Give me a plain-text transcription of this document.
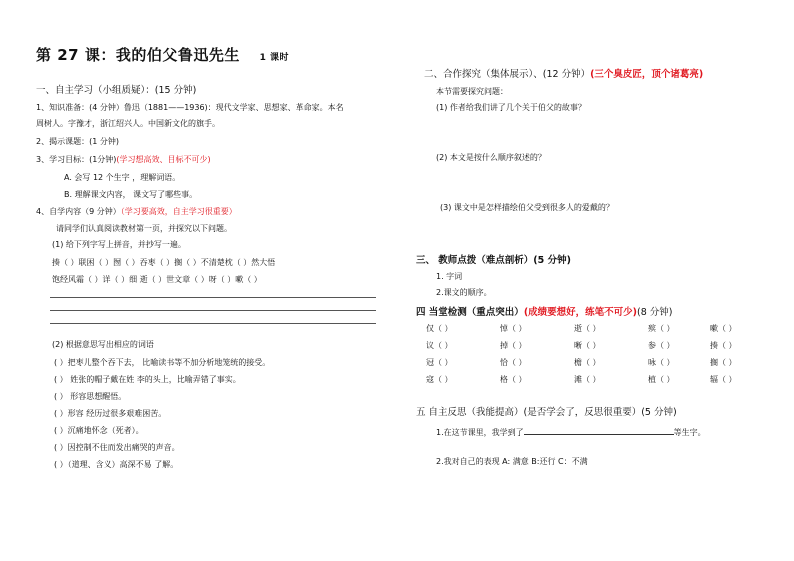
第 27 课：我的伯父鲁迅先生 1 课时
一、自主学习（小组质疑）：(15 分钟)
1、知识准备：(4 分钟）鲁迅（1881——1936)：现代文学家、思想家、革命家。本名
周树人。字豫才，浙江绍兴人。中国新文化的旗手。
2、揭示课题：(1 分钟)
3、学习目标：(1分钟)(学习想高效、目标不可少)
A. 会写 12 个生字 ，理解词语。
B. 理解课文内容， 课文写了哪些事。
4、自学内容（9 分钟）（学习要高效，自主学习很重要）
请同学们认真阅读教材第一页，并探究以下问题。
(1) 给下列字写上拼音，并抄写一遍。
揍（ ）联困（ ）囫（ ）吞枣（ ）搁（ ）不清楚枕（ ）然大悟
饱经风霜（ ）详（ ）细 逝（ ）世文章（ ）呀（ ）嗽（ ）
(2) 根据意思写出相应的词语
( ）把枣儿整个吞下去， 比喻读书等不加分析地笼统的接受。
( ） 姓张的帽子戴在姓 李的头上，比喻弄错了事实。
( ） 形容思想醒悟。
( ）形容 经历过很多艰难困苦。
( ）沉痛地怀念（死者）。
( ）因控制不住而发出痛哭的声音。
( ）（道理、含义）高深不易 了解。
二、合作探究（集体展示）、(12 分钟）(三个臭皮匠，顶个诸葛亮)
本节需要探究问题：
(1) 作者给我们讲了几个关于伯父的故事？
(2) 本文是按什么顺序叙述的？
(3) 课文中是怎样描绘伯父受到很多人的爱戴的？
三、 教师点拨（难点剖析）(5 分钟)
1. 字词
2.课文的顺序。
四 当堂检测（重点突出）(成绩要想好，练笔不可少)(8 分钟)
仅（ ）	悼（ ）	逝（ ）	殡（ ）	嗽（ ）
议（ ）	掉（ ）	晰（ ）	参（ ）	揍（ ）
冠（ ）	恰（ ）	檐（ ）	咏（ ）	搁（ ）
寇（ ）	格（ ）	滩（ ）	植（ ）	辐（ ）
五 自主反思（我能提高）(是否学会了，反思很重要）(5 分钟)
1.在这节课里，我学到了	等生字。
2.我对自己的表现 A: 满意 B:还行 C：不满
